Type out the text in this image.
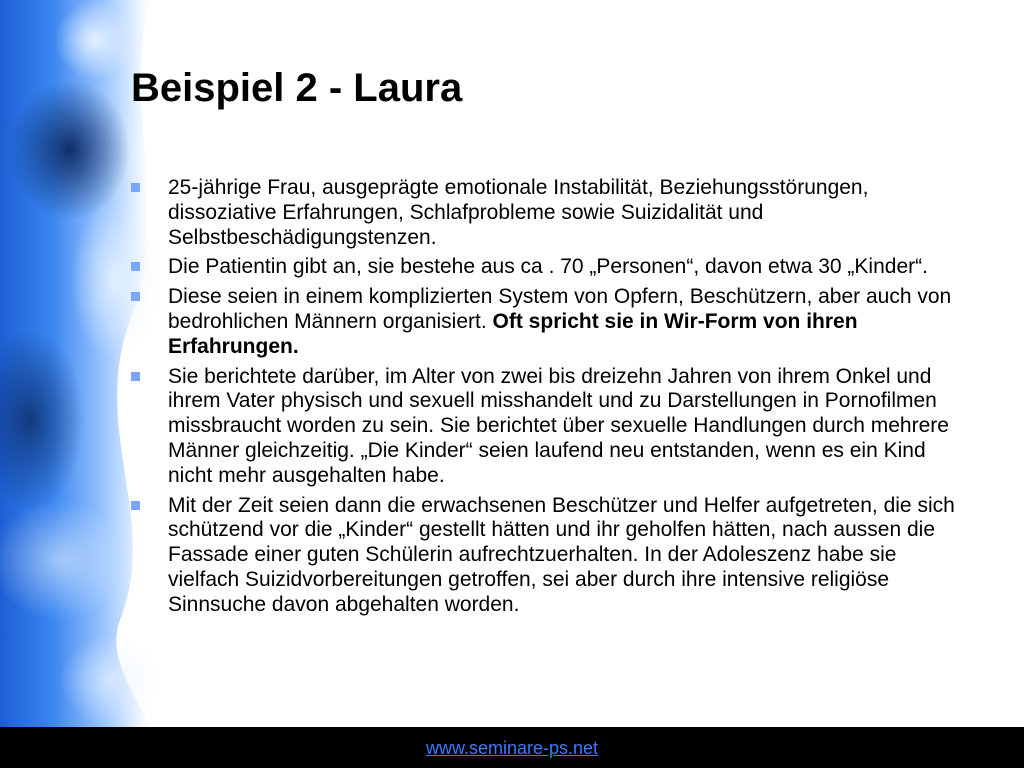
Beispiel 2 - Laura
25-jährige Frau, ausgeprägte emotionale Instabilität, Beziehungsstörungen, dissoziative Erfahrungen, Schlafprobleme sowie Suizidalität und Selbstbeschädigungstenzen.
Die Patientin gibt an, sie bestehe aus ca . 70 „Personen“, davon etwa 30 „Kinder“.
Diese seien in einem komplizierten System von Opfern, Beschützern, aber auch von bedrohlichen Männern organisiert. Oft spricht sie in Wir-Form von ihren Erfahrungen.
Sie berichtete darüber, im Alter von zwei bis dreizehn Jahren von ihrem Onkel und ihrem Vater physisch und sexuell misshandelt und zu Darstellungen in Pornofilmen missbraucht worden zu sein. Sie berichtet über sexuelle Handlungen durch mehrere Männer gleichzeitig. „Die Kinder“ seien laufend neu entstanden, wenn es ein Kind nicht mehr ausgehalten habe.
Mit der Zeit seien dann die erwachsenen Beschützer und Helfer aufgetreten, die sich schützend vor die „Kinder“ gestellt hätten und ihr geholfen hätten, nach aussen die Fassade einer guten Schülerin aufrechtzuerhalten. In der Adoleszenz habe sie vielfach Suizidvorbereitungen getroffen, sei aber durch ihre intensive religiöse Sinnsuche davon abgehalten worden.
www.seminare-ps.net
